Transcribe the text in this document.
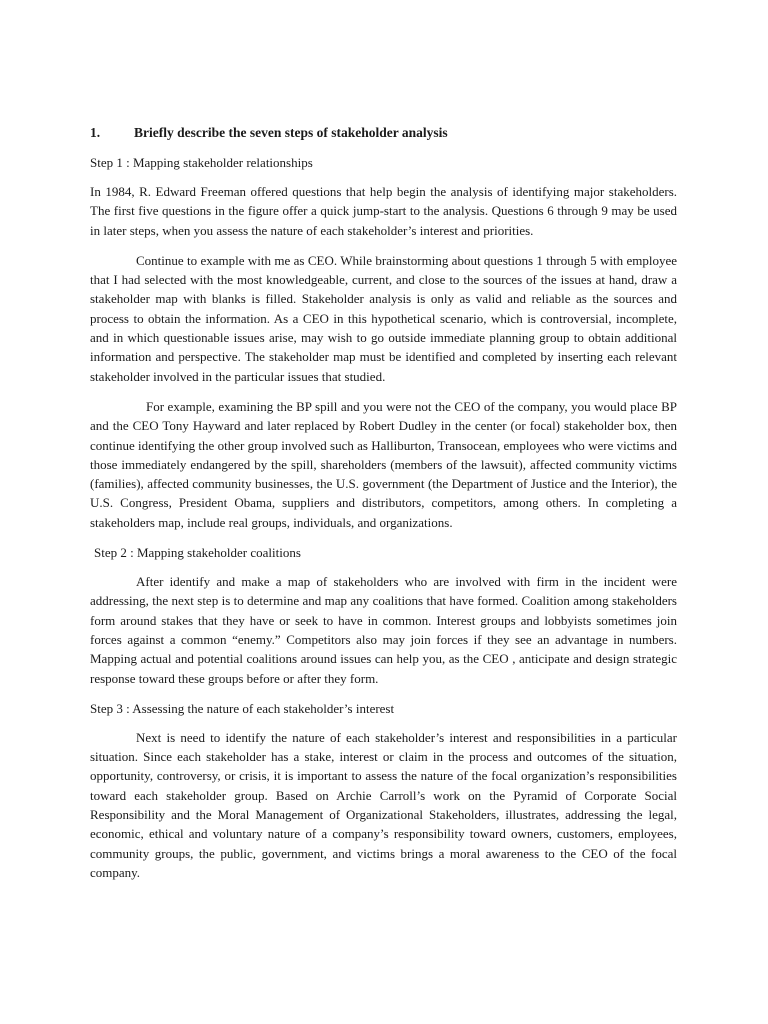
1.	Briefly describe the seven steps of stakeholder analysis
Step 1 : Mapping stakeholder relationships

In 1984, R. Edward Freeman offered questions that help begin the analysis of identifying major stakeholders. The first five questions in the figure offer a quick jump-start to the analysis. Questions 6 through 9 may be used in later steps, when you assess the nature of each stakeholder’s interest and priorities.

Continue to example with me as CEO. While brainstorming about questions 1 through 5 with employee that I had selected with the most knowledgeable, current, and close to the sources of the issues at hand, draw a stakeholder map with blanks is filled. Stakeholder analysis is only as valid and reliable as the sources and process to obtain the information. As a CEO in this hypothetical scenario, which is controversial, incomplete, and in which questionable issues arise, may wish to go outside immediate planning group to obtain additional information and perspective. The stakeholder map must be identified and completed by inserting each relevant stakeholder involved in the particular issues that studied.

For example, examining the BP spill and you were not the CEO of the company, you would place BP and the CEO Tony Hayward and later replaced by Robert Dudley in the center (or focal) stakeholder box, then continue identifying the other group involved such as Halliburton, Transocean, employees who were victims and those immediately endangered by the spill, shareholders (members of the lawsuit), affected community victims (families), affected community businesses, the U.S. government (the Department of Justice and the Interior), the U.S. Congress, President Obama, suppliers and distributors, competitors, among others. In completing a stakeholders map, include real groups, individuals, and organizations.

Step 2 : Mapping stakeholder coalitions

After identify and make a map of stakeholders who are involved with firm in the incident were addressing, the next step is to determine and map any coalitions that have formed. Coalition among stakeholders form around stakes that they have or seek to have in common. Interest groups and lobbyists sometimes join forces against a common “enemy.” Competitors also may join forces if they see an advantage in numbers. Mapping actual and potential coalitions around issues can help you, as the CEO , anticipate and design strategic response toward these groups before or after they form.

Step 3 : Assessing the nature of each stakeholder’s interest

Next is need to identify the nature of each stakeholder’s interest and responsibilities in a particular situation. Since each stakeholder has a stake, interest or claim in the process and outcomes of the situation, opportunity, controversy, or crisis, it is important to assess the nature of the focal organization’s responsibilities toward each stakeholder group. Based on Archie Carroll’s work on the Pyramid of Corporate Social Responsibility and the Moral Management of Organizational Stakeholders, illustrates, addressing the legal, economic, ethical and voluntary nature of a company’s responsibility toward owners, customers, employees, community groups, the public, government, and victims brings a moral awareness to the CEO of the focal company.
